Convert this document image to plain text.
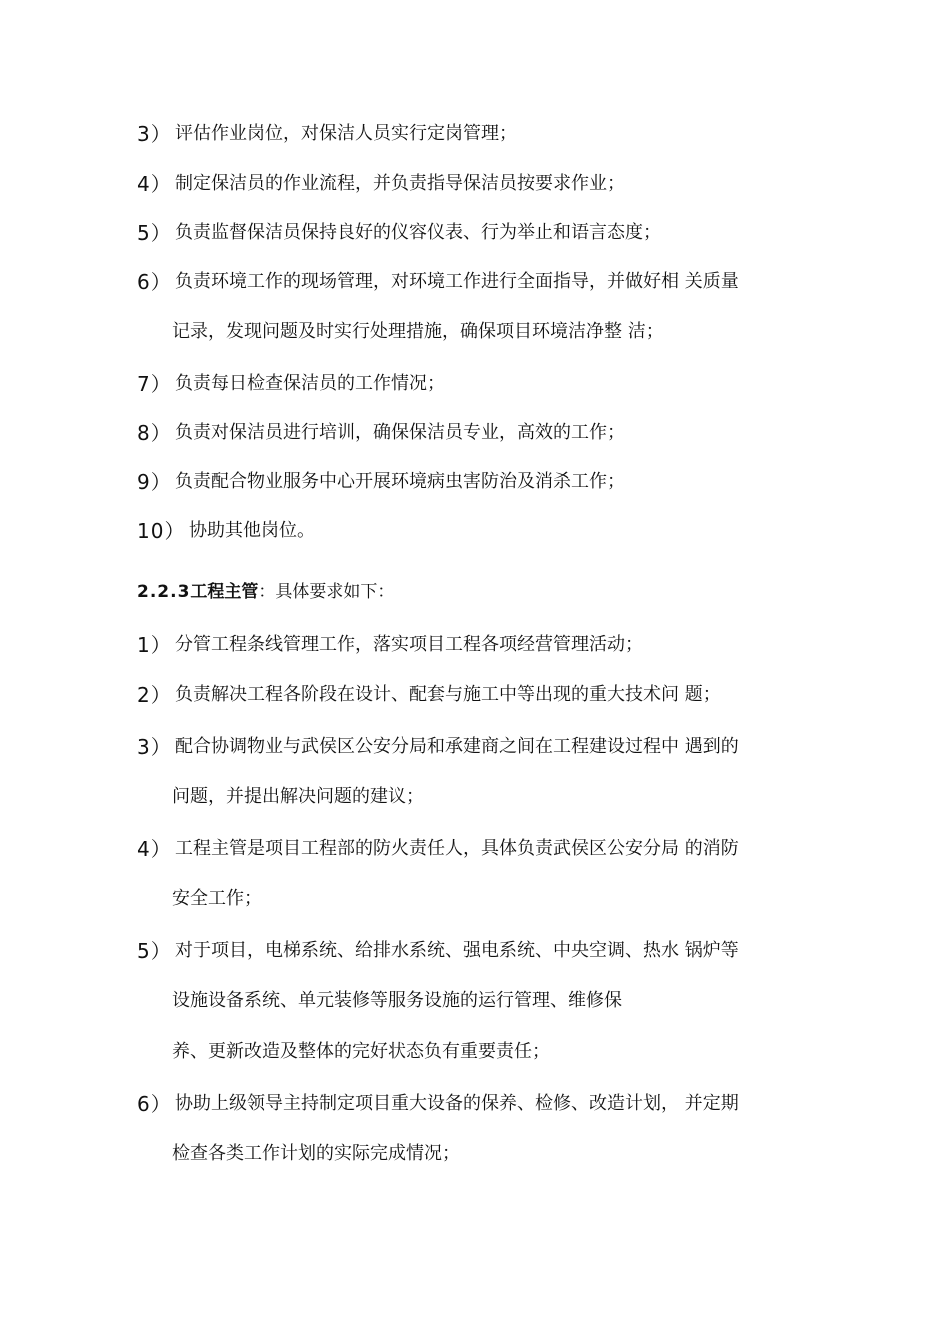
3） 评估作业岗位，对保洁人员实行定岗管理；
4） 制定保洁员的作业流程，并负责指导保洁员按要求作业；
5） 负责监督保洁员保持良好的仪容仪表、行为举止和语言态度；
6） 负责环境工作的现场管理，对环境工作进行全面指导，并做好相 关质量
记录，发现问题及时实行处理措施，确保项目环境洁净整 洁；
7） 负责每日检查保洁员的工作情况；
8） 负责对保洁员进行培训，确保保洁员专业，高效的工作；
9） 负责配合物业服务中心开展环境病虫害防治及消杀工作；
10） 协助其他岗位。
2.2.3工程主管：具体要求如下：
1） 分管工程条线管理工作，落实项目工程各项经营管理活动；
2） 负责解决工程各阶段在设计、配套与施工中等出现的重大技术问 题；
3） 配合协调物业与武侯区公安分局和承建商之间在工程建设过程中 遇到的
问题，并提出解决问题的建议；
4） 工程主管是项目工程部的防火责任人，具体负责武侯区公安分局 的消防
安全工作；
5） 对于项目，电梯系统、给排水系统、强电系统、中央空调、热水 锅炉等
设施设备系统、单元装修等服务设施的运行管理、维修保
养、更新改造及整体的完好状态负有重要责任；
6） 协助上级领导主持制定项目重大设备的保养、检修、改造计划， 并定期
检查各类工作计划的实际完成情况；
